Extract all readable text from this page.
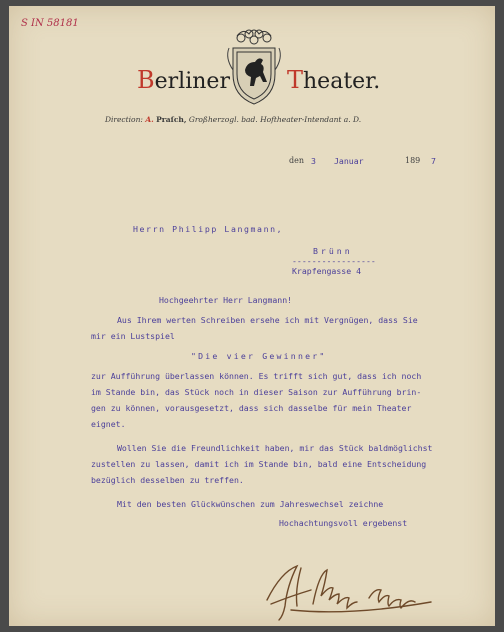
S IN 58181
Berliner Theater.
Direction: A. Praſch, Großherzogl. bad. Hoftheater-Intendant a. D.
den 3 Januar	189 7
Herrn Philipp Langmann,
Brünn
-----------------
Krapfengasse 4
Hochgeehrter Herr Langmann!
Aus Ihrem werten Schreiben ersehe ich mit Vergnügen, dass Sie
mir ein Lustspiel
"Die vier Gewinner"
zur Aufführung überlassen können. Es trifft sich gut, dass ich noch
im Stande bin, das Stück noch in dieser Saison zur Aufführung brin-
gen zu können, vorausgesetzt, dass sich dasselbe für mein Theater
eignet.
Wollen Sie die Freundlichkeit haben, mir das Stück baldmöglichst
zustellen zu lassen, damit ich im Stande bin, bald eine Entscheidung
bezüglich desselben zu treffen.
Mit den besten Glückwünschen zum Jahreswechsel zeichne
Hochachtungsvoll ergebenst
